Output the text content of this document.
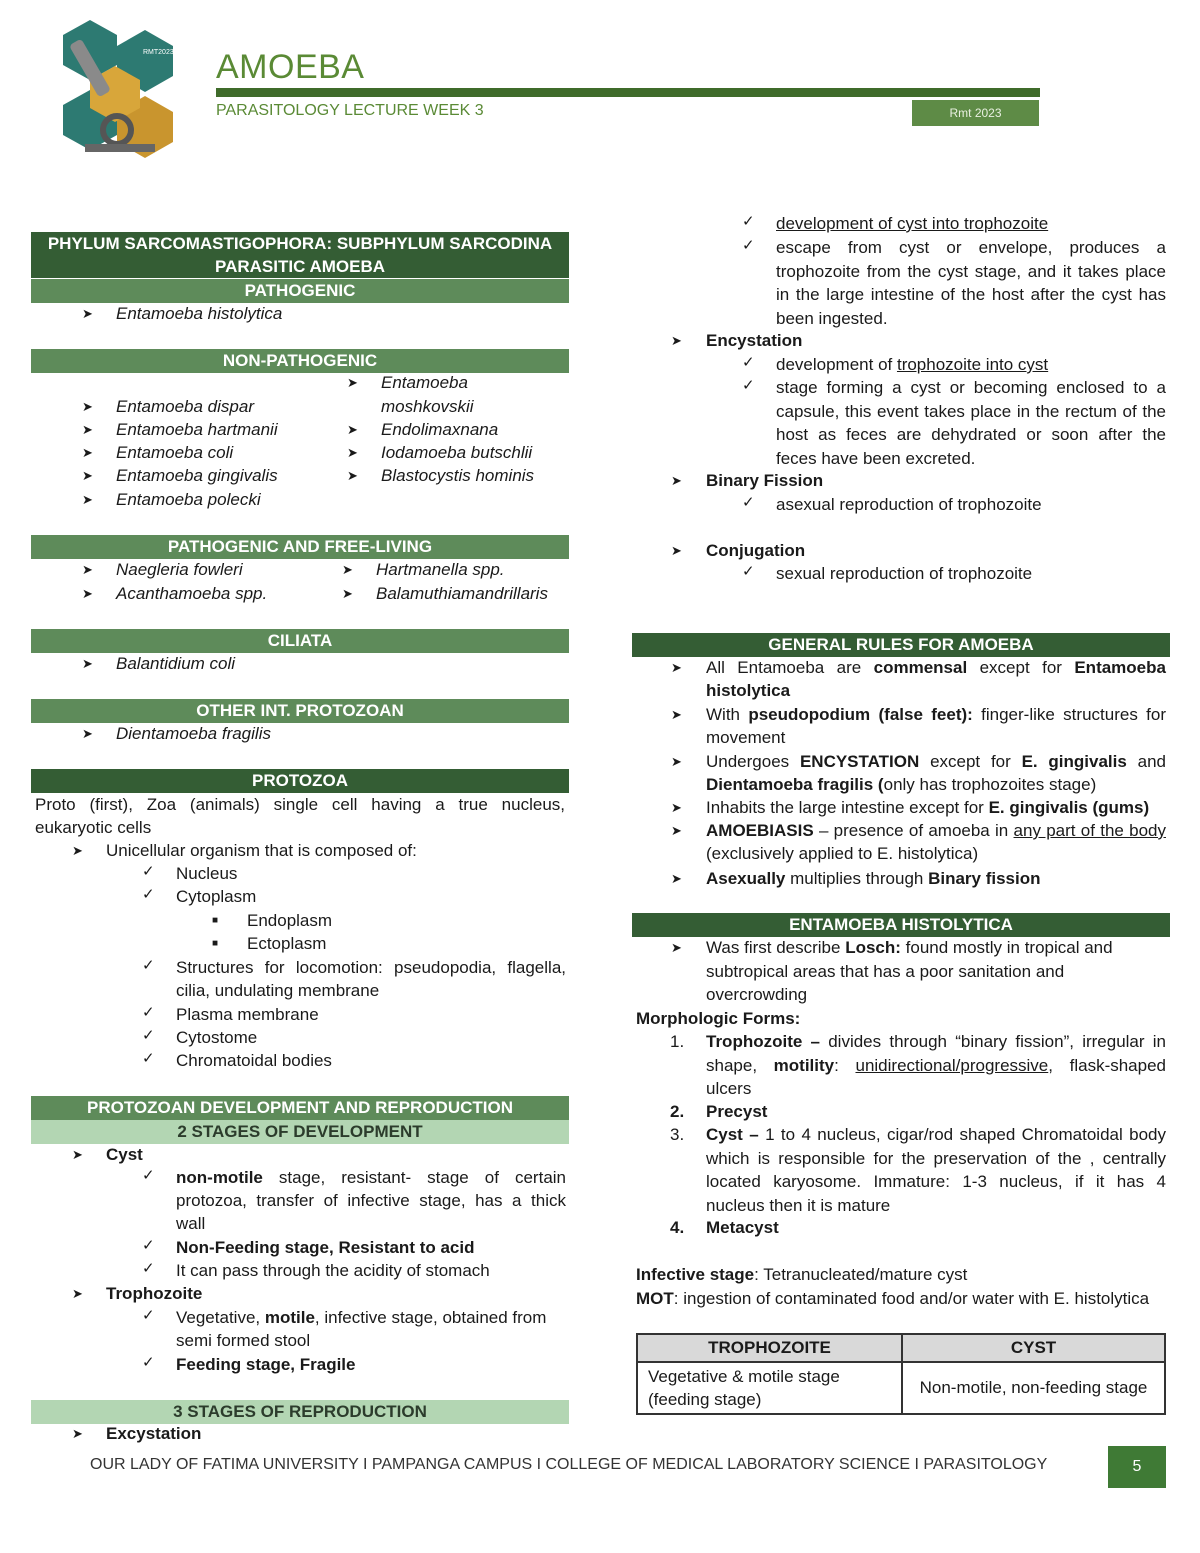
RMT2023 AMOEBA
PARASITOLOGY LECTURE WEEK 3	Rmt 2023
PHYLUM SARCOMASTIGOPHORA: SUBPHYLUM SARCODINA
PARASITIC AMOEBA
PATHOGENIC
Entamoeba histolytica
➤
NON-PATHOGENIC
➤ Entamoeba dispar
➤ Entamoeba hartmanii
➤ Entamoeba coli
➤ Entamoeba gingivalis
➤ Entamoeba polecki
➤ Entamoeba
moshkovskii
➤ Endolimaxnana
➤ Iodamoeba butschlii
➤ Blastocystis hominis
PATHOGENIC AND FREE-LIVING
➤ Naegleria fowleri
➤ Acanthamoeba spp.
➤ Hartmanella spp.
➤ Balamuthiamandrillaris
CILIATA
➤ Balantidium coli
OTHER INT. PROTOZOAN
➤ Dientamoeba fragilis
PROTOZOA
Proto (first), Zoa (animals) single cell having a true nucleus, eukaryotic cells
➤ Unicellular organism that is composed of:
✓ Nucleus
✓ Cytoplasm
■ Endoplasm
■ Ectoplasm
✓ Structures for locomotion: pseudopodia, flagella, cilia, undulating membrane
✓ Plasma membrane
✓ Cytostome
✓ Chromatoidal bodies
PROTOZOAN DEVELOPMENT AND REPRODUCTION
2 STAGES OF DEVELOPMENT
➤ Cyst
✓ non-motile stage, resistant- stage of certain protozoa, transfer of infective stage, has a thick wall
✓ Non-Feeding stage, Resistant to acid
✓ It can pass through the acidity of stomach
➤ Trophozoite
✓ Vegetative, motile, infective stage, obtained from semi formed stool
✓ Feeding stage, Fragile
3 STAGES OF REPRODUCTION
➤ Excystation
✓ development of cyst into trophozoite
✓ escape from cyst or envelope, produces a trophozoite from the cyst stage, and it takes place in the large intestine of the host after the cyst has been ingested.
➤ Encystation
✓ development of trophozoite into cyst
✓ stage forming a cyst or becoming enclosed to a capsule, this event takes place in the rectum of the host as feces are dehydrated or soon after the feces have been excreted.
➤ Binary Fission
✓ asexual reproduction of trophozoite
➤ Conjugation
✓ sexual reproduction of trophozoite
GENERAL RULES FOR AMOEBA
➤ All Entamoeba are commensal except for Entamoeba histolytica
➤ With pseudopodium (false feet): finger-like structures for movement
➤ Undergoes ENCYSTATION except for E. gingivalis and Dientamoeba fragilis (only has trophozoites stage)
➤ Inhabits the large intestine except for E. gingivalis (gums)
➤ AMOEBIASIS – presence of amoeba in any part of the body (exclusively applied to E. histolytica)
➤ Asexually multiplies through Binary fission
ENTAMOEBA HISTOLYTICA
➤ Was first describe Losch: found mostly in tropical and subtropical areas that has a poor sanitation and overcrowding
Morphologic Forms:
1. Trophozoite – divides through “binary fission”, irregular in shape, motility: unidirectional/progressive, flask-shaped ulcers
2. Precyst
3. Cyst – 1 to 4 nucleus, cigar/rod shaped Chromatoidal body which is responsible for the preservation of the , centrally located karyosome. Immature: 1-3 nucleus, if it has 4 nucleus then it is mature
4. Metacyst
Infective stage: Tetranucleated/mature cyst
MOT: ingestion of contaminated food and/or water with E. histolytica
TROPHOZOITE	CYST
Vegetative & motile stage (feeding stage)	Non-motile, non-feeding stage
OUR LADY OF FATIMA UNIVERSITY I PAMPANGA CAMPUS I COLLEGE OF MEDICAL LABORATORY SCIENCE I PARASITOLOGY	5
